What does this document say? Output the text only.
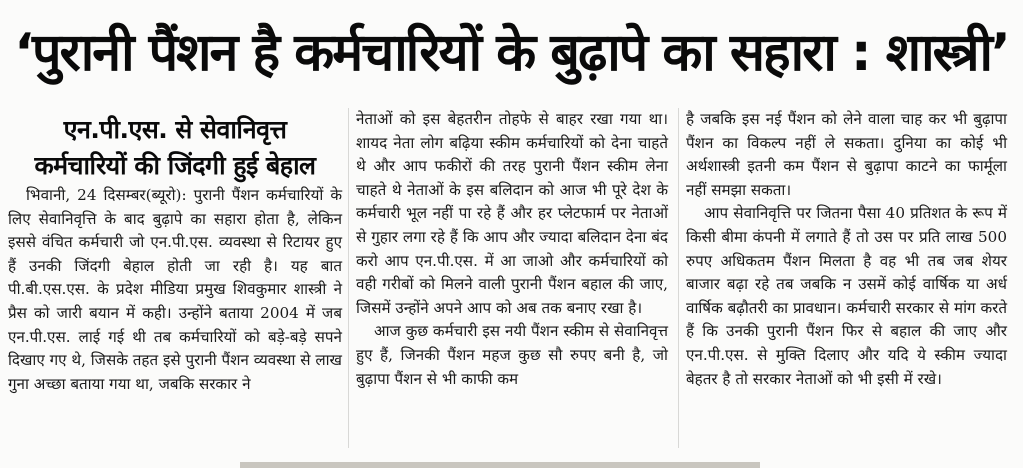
‘पुरानी पैंशन है कर्मचारियों के बुढ़ापे का सहारा : शास्त्री’
एन.पी.एस. से सेवानिवृत्त
कर्मचारियों की जिंदगी हुई बेहाल

भिवानी, 24 दिसम्बर(ब्यूरो): पुरानी पैंशन कर्मचारियों के लिए सेवानिवृत्ति के बाद बुढ़ापे का सहारा होता है, लेकिन इससे वंचित कर्मचारी जो एन.पी.एस. व्यवस्था से रिटायर हुए हैं उनकी जिंदगी बेहाल होती जा रही है। यह बात पी.बी.एस.एस. के प्रदेश मीडिया प्रमुख शिवकुमार शास्त्री ने प्रैस को जारी बयान में कही। उन्होंने बताया 2004 में जब एन.पी.एस. लाई गई थी तब कर्मचारियों को बड़े-बड़े सपने दिखाए गए थे, जिसके तहत इसे पुरानी पैंशन व्यवस्था से लाख गुना अच्छा बताया गया था, जबकि सरकार ने

नेताओं को इस बेहतरीन तोहफे से बाहर रखा गया था। शायद नेता लोग बढ़िया स्कीम कर्मचारियों को देना चाहते थे और आप फकीरों की तरह पुरानी पैंशन स्कीम लेना चाहते थे नेताओं के इस बलिदान को आज भी पूरे देश के कर्मचारी भूल नहीं पा रहे हैं और हर प्लेटफार्म पर नेताओं से गुहार लगा रहे हैं कि आप और ज्यादा बलिदान देना बंद करो आप एन.पी.एस. में आ जाओ और कर्मचारियों को वही गरीबों को मिलने वाली पुरानी पैंशन बहाल की जाए, जिसमें उन्होंने अपने आप को अब तक बनाए रखा है।

आज कुछ कर्मचारी इस नयी पैंशन स्कीम से सेवानिवृत्त हुए हैं, जिनकी पैंशन महज कुछ सौ रुपए बनी है, जो बुढ़ापा पैंशन से भी काफी कम

है जबकि इस नई पैंशन को लेने वाला चाह कर भी बुढ़ापा पैंशन का विकल्प नहीं ले सकता। दुनिया का कोई भी अर्थशास्त्री इतनी कम पैंशन से बुढ़ापा काटने का फार्मूला नहीं समझा सकता।

आप सेवानिवृत्ति पर जितना पैसा 40 प्रतिशत के रूप में किसी बीमा कंपनी में लगाते हैं तो उस पर प्रति लाख 500 रुपए अधिकतम पैंशन मिलता है वह भी तब जब शेयर बाजार बढ़ा रहे तब जबकि न उसमें कोई वार्षिक या अर्ध वार्षिक बढ़ौतरी का प्रावधान। कर्मचारी सरकार से मांग करते हैं कि उनकी पुरानी पैंशन फिर से बहाल की जाए और एन.पी.एस. से मुक्ति दिलाए और यदि ये स्कीम ज्यादा बेहतर है तो सरकार नेताओं को भी इसी में रखे।
